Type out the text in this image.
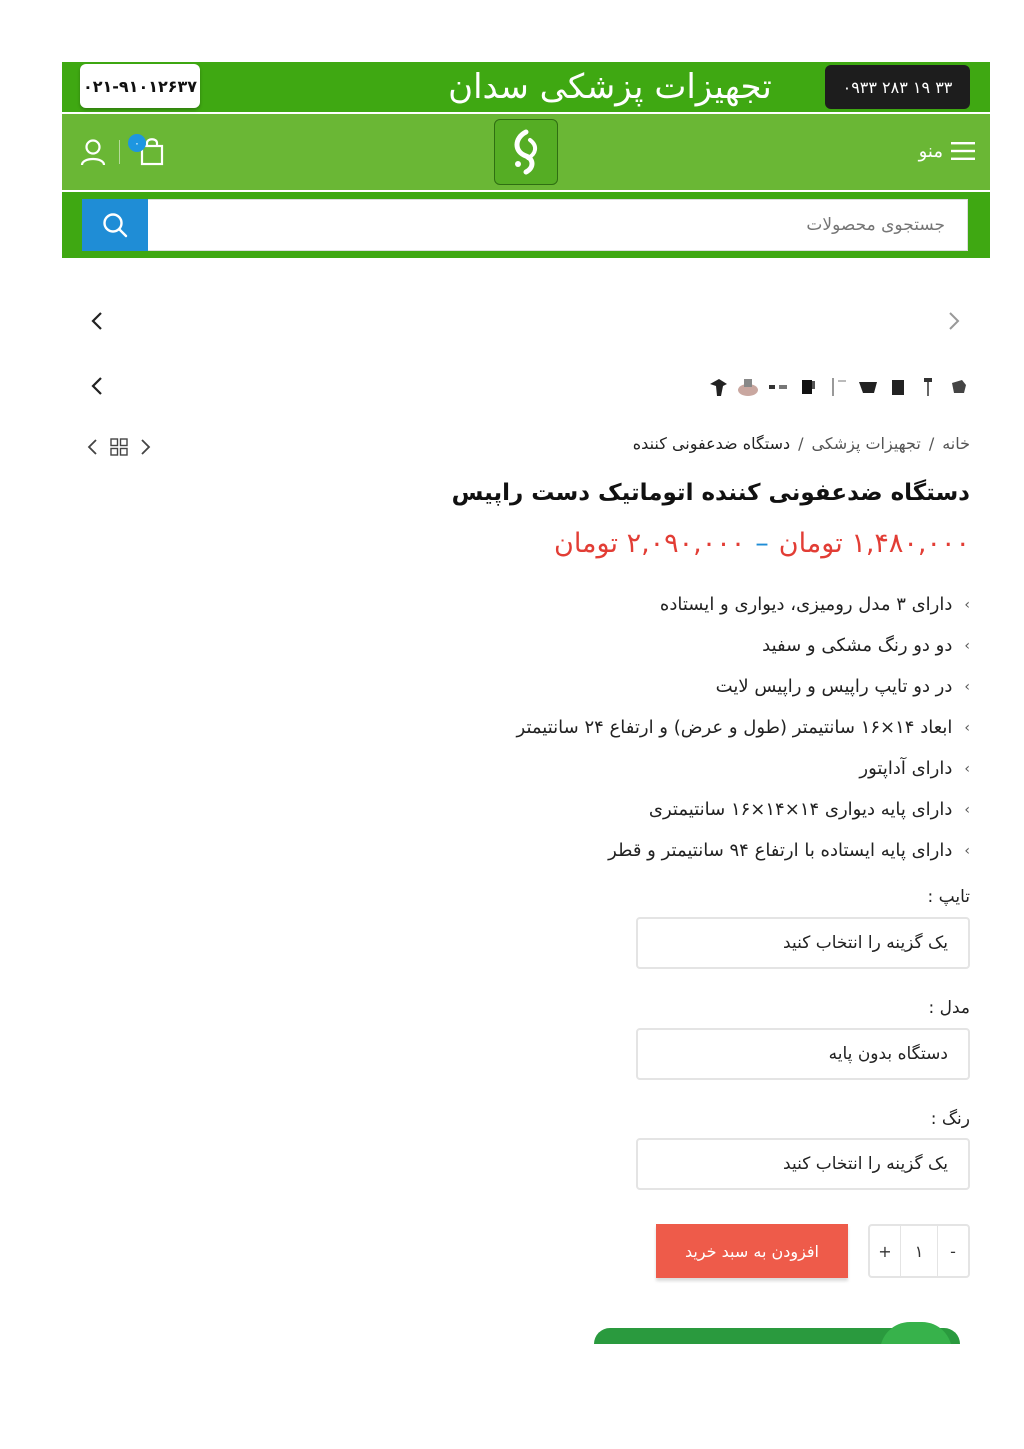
۰۲۱-۹۱۰۱۲۶۳۷	تجهیزات پزشکی سدان	۰۹۳۳ ۲۸۳ ۱۹ ۳۳
منو
۰
جستجوی محصولات
خانه
/
تجهیزات پزشکی
/
دستگاه ضدعفونی کننده
دستگاه ضدعفونی کننده اتوماتیک دست راپیس
۱,۴۸۰,۰۰۰ تومان
–
۲,۰۹۰,۰۰۰ تومان
›
دارای ۳ مدل رومیزی، دیواری و ایستاده
›
دو دو رنگ مشکی و سفید
›
در دو تایپ راپیس و راپیس لایت
›
ابعاد ۱۴×۱۶ سانتیمتر (طول و عرض) و ارتفاع ۲۴ سانتیمتر
›
دارای آداپتور
›
دارای پایه دیواری ۱۴×۱۴×۱۶ سانتیمتری
›
دارای پایه ایستاده با ارتفاع ۹۴ سانتیمتر و قطر
تایپ :
یک گزینه را انتخاب کنید
مدل :
دستگاه بدون پایه
رنگ :
یک گزینه را انتخاب کنید
+	۱	-
افزودن به سبد خرید
